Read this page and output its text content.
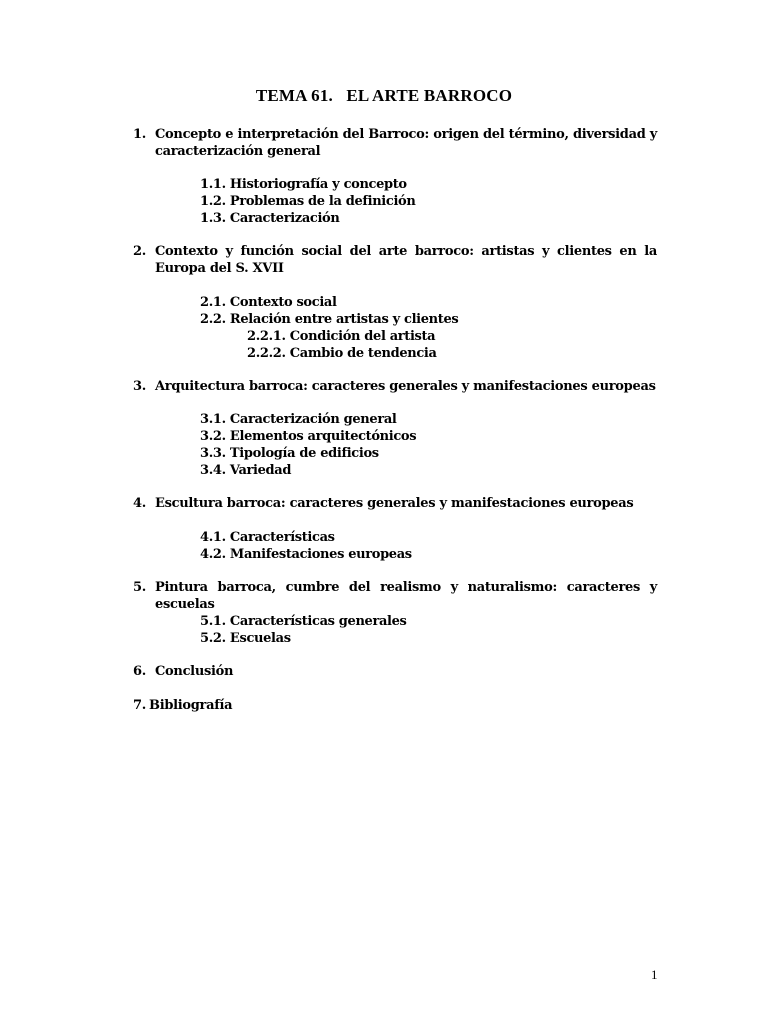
TEMA 61.   EL ARTE BARROCO
1. Concepto e interpretación del Barroco: origen del término, diversidad y caracterización general
1.1. Historiografía y concepto
1.2. Problemas de la definición
1.3. Caracterización
2. Contexto y función social del arte barroco: artistas y clientes en la Europa del S. XVII
2.1. Contexto social
2.2. Relación entre artistas y clientes
2.2.1. Condición del artista
2.2.2. Cambio de tendencia
3. Arquitectura barroca: caracteres generales y manifestaciones europeas
3.1. Caracterización general
3.2. Elementos arquitectónicos
3.3. Tipología de edificios
3.4. Variedad
4. Escultura barroca: caracteres generales y manifestaciones europeas
4.1. Características
4.2. Manifestaciones europeas
5. Pintura barroca, cumbre del realismo y naturalismo: caracteres y escuelas
5.1. Características generales
5.2. Escuelas
6. Conclusión
7. Bibliografía
1
